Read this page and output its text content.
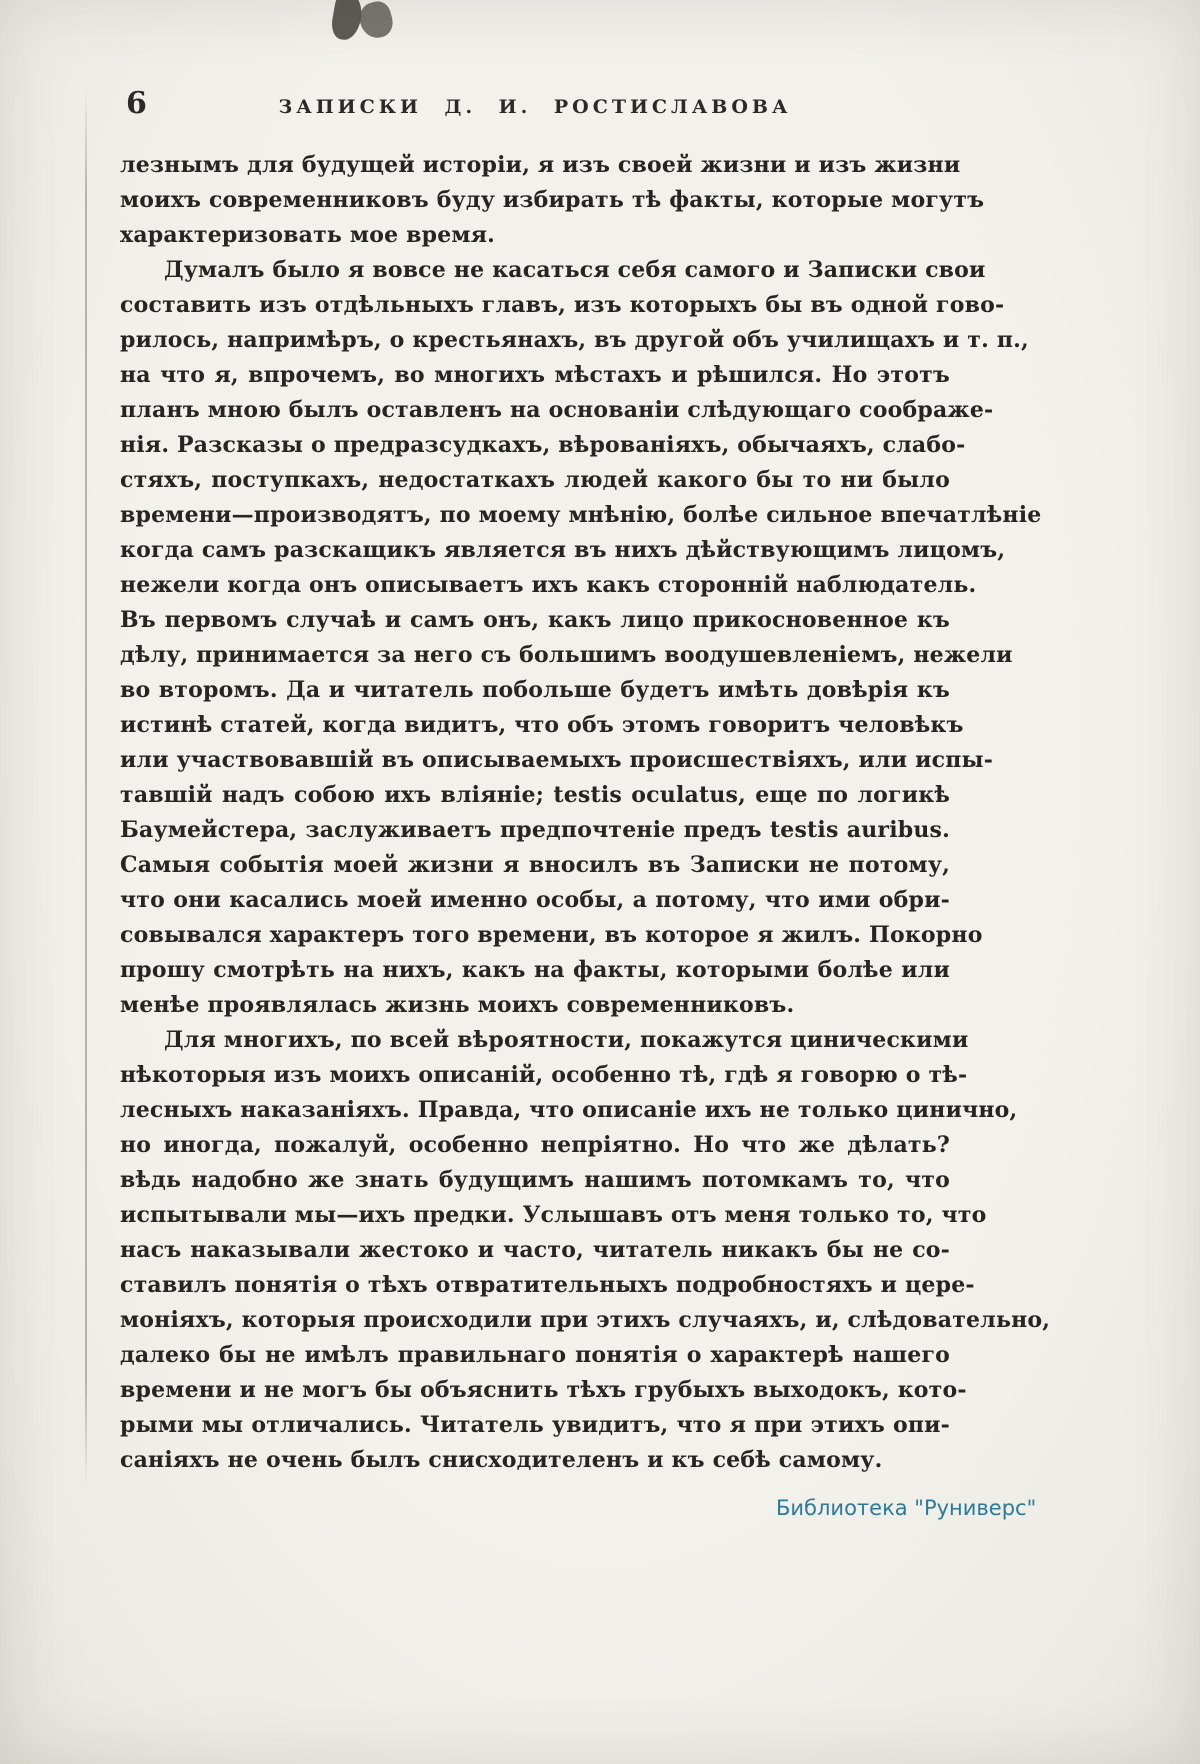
6	ЗАПИСКИ Д. И. РОСТИСЛАВОВА
лезнымъ для будущей исторіи, я изъ своей жизни и изъ жизни
моихъ современниковъ буду избирать тѣ факты, которые могутъ
характеризовать мое время.
Думалъ было я вовсе не касаться себя самого и Записки свои
составить изъ отдѣльныхъ главъ, изъ которыхъ бы въ одной гово-
рилось, напримѣръ, о крестьянахъ, въ другой объ училищахъ и т. п.,
на что я, впрочемъ, во многихъ мѣстахъ и рѣшился. Но этотъ
планъ мною былъ оставленъ на основаніи слѣдующаго соображе-
нія. Разсказы о предразсудкахъ, вѣрованіяхъ, обычаяхъ, слабо-
стяхъ, поступкахъ, недостаткахъ людей какого бы то ни было
времени—производятъ, по моему мнѣнію, болѣе сильное впечатлѣніе
когда самъ разскащикъ является въ нихъ дѣйствующимъ лицомъ,
нежели когда онъ описываетъ ихъ какъ сторонній наблюдатель.
Въ первомъ случаѣ и самъ онъ, какъ лицо прикосновенное къ
дѣлу, принимается за него съ большимъ воодушевленіемъ, нежели
во второмъ. Да и читатель побольше будетъ имѣть довѣрія къ
истинѣ статей, когда видитъ, что объ этомъ говоритъ человѣкъ
или участвовавшій въ описываемыхъ происшествіяхъ, или испы-
тавшій надъ собою ихъ вліяніе; testis oculatus, еще по логикѣ
Баумейстера, заслуживаетъ предпочтеніе предъ testis auribus.
Самыя событія моей жизни я вносилъ въ Записки не потому,
что они касались моей именно особы, а потому, что ими обри-
совывался характеръ того времени, въ которое я жилъ. Покорно
прошу смотрѣть на нихъ, какъ на факты, которыми болѣе или
менѣе проявлялась жизнь моихъ современниковъ.
Для многихъ, по всей вѣроятности, покажутся циническими
нѣкоторыя изъ моихъ описаній, особенно тѣ, гдѣ я говорю о тѣ-
лесныхъ наказаніяхъ. Правда, что описаніе ихъ не только цинично,
но иногда, пожалуй, особенно непріятно. Но что же дѣлать?
вѣдь надобно же знать будущимъ нашимъ потомкамъ то, что
испытывали мы—ихъ предки. Услышавъ отъ меня только то, что
насъ наказывали жестоко и часто, читатель никакъ бы не со-
ставилъ понятія о тѣхъ отвратительныхъ подробностяхъ и цере-
моніяхъ, которыя происходили при этихъ случаяхъ, и, слѣдовательно,
далеко бы не имѣлъ правильнаго понятія о характерѣ нашего
времени и не могъ бы объяснить тѣхъ грубыхъ выходокъ, кото-
рыми мы отличались. Читатель увидитъ, что я при этихъ опи-
саніяхъ не очень былъ снисходителенъ и къ себѣ самому.
Библиотека "Руниверс"
